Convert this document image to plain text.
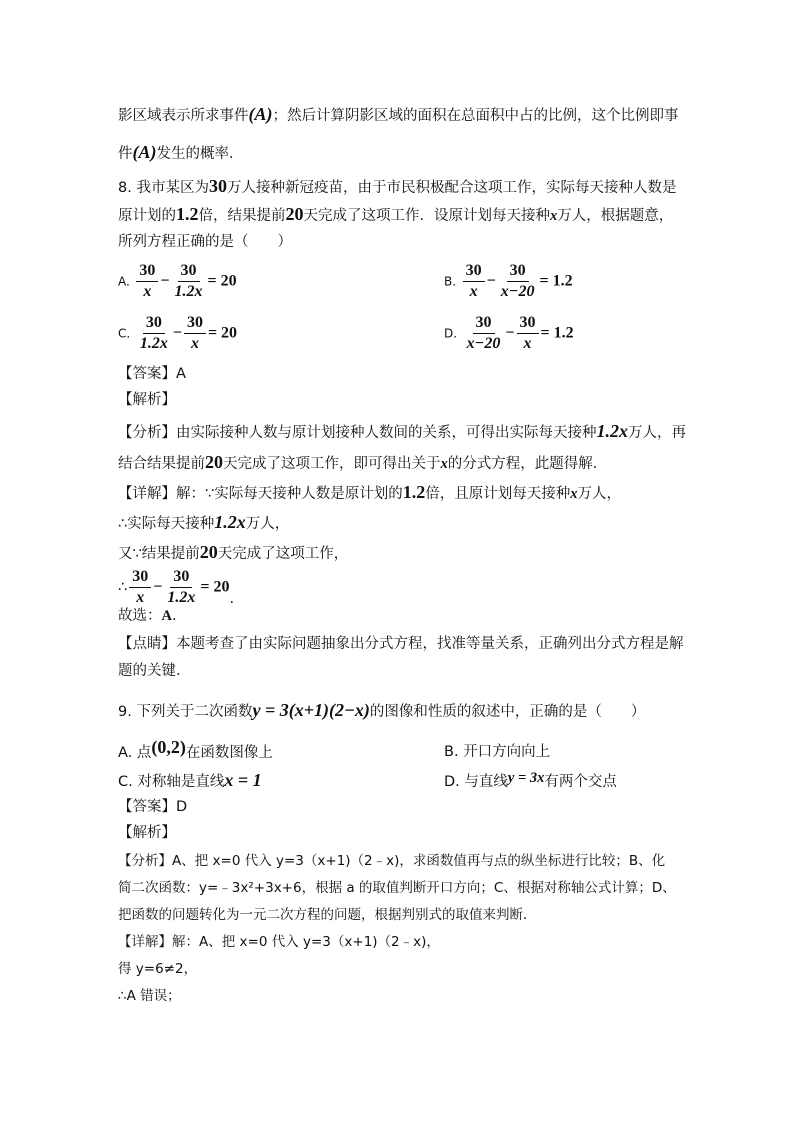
影区域表示所求事件(A)；然后计算阴影区域的面积在总面积中占的比例，这个比例即事
件(A)发生的概率．
8. 我市某区为30万人接种新冠疫苗，由于市民积极配合这项工作，实际每天接种人数是
原计划的1.2倍，结果提前20天完成了这项工作．设原计划每天接种x万人，根据题意，
所列方程正确的是（　　）
A. $\frac{30}{x} - \frac{30}{1.2x} = 20$	B. $\frac{30}{x} - \frac{30}{x-20} = 1.2$
C. $\frac{30}{1.2x} - \frac{30}{x} = 20$	D. $\frac{30}{x-20} - \frac{30}{x} = 1.2$
【答案】A
【解析】
【分析】由实际接种人数与原计划接种人数间的关系，可得出实际每天接种1.2x万人，再
结合结果提前20天完成了这项工作，即可得出关于x的分式方程，此题得解．
【详解】解：∵实际每天接种人数是原计划的1.2倍，且原计划每天接种x万人，
∴实际每天接种1.2x万人，
又∵结果提前20天完成了这项工作，
∴ $\frac{30}{x} - \frac{30}{1.2x} = 20$.
故选：A.
【点睛】本题考查了由实际问题抽象出分式方程，找准等量关系，正确列出分式方程是解
题的关键．
9. 下列关于二次函数y = 3(x+1)(2−x)的图像和性质的叙述中，正确的是（　　）
A. 点(0,2)在函数图像上	B. 开口方向向上
C. 对称轴是直线x = 1	D. 与直线y = 3x有两个交点
【答案】D
【解析】
【分析】A、把 x=0 代入 y=3（x+1)（2﹣x)，求函数值再与点的纵坐标进行比较；B、化
简二次函数：y=﹣3x²+3x+6，根据 a 的取值判断开口方向；C、根据对称轴公式计算；D、
把函数的问题转化为一元二次方程的问题，根据判别式的取值来判断．
【详解】解：A、把 x=0 代入 y=3（x+1)（2﹣x)，
得 y=6≠2，
∴A 错误；
